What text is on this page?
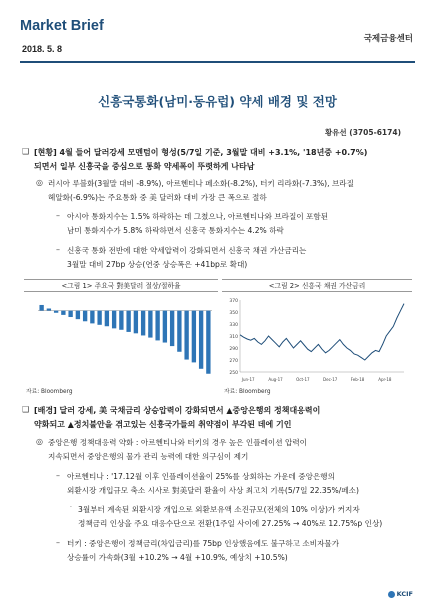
Market Brief
2018. 5. 8
국제금융센터
신흥국통화(남미·동유럽) 약세 배경 및 전망
황유선 (3705-6174)
❑ [현황] 4월 들어 달러강세 모멘텀이 형성(5/7일 기준, 3월말 대비 +3.1%, '18년중 +0.7%)
되면서 일부 신흥국을 중심으로 통화 약세폭이 뚜렷하게 나타남
◎ 러시아 루블화(3월말 대비 -8.9%), 아르헨티나 페소화(-8.2%), 터키 리라화(-7.3%), 브라질
헤알화(-6.9%)는 주요통화 중 美 달러화 대비 가장 큰 폭으로 절하
– 아시아 통화지수는 1.5% 하락하는 데 그쳤으나, 아르헨티나와 브라질이 포함된
남미 통화지수가 5.8% 하락하면서 신흥국 통화지수는 4.2% 하락
– 신흥국 통화 전반에 대한 약세압력이 강화되면서 신흥국 채권 가산금리는
3월말 대비 27bp 상승(연중 상승폭은 +41bp로 확대)
<그림 1> 주요국 對美달러 절상/절하율	<그림 2> 신흥국 채권 가산금리
370
350
330
310
290
270
250
Jun-17	Aug-17	Oct-17	Dec-17	Feb-18	Apr-18
자료: Bloomberg	자료: Bloomberg
❑ [배경] 달러 강세, 美 국채금리 상승압력이 강화되면서 ▲중앙은행의 정책대응력이
약화되고 ▲정치불안을 겪고있는 신흥국가들의 취약점이 부각된 데에 기인
◎ 중앙은행 정책대응력 약화 : 아르헨티나와 터키의 경우 높은 인플레이션 압력이
지속되면서 중앙은행의 물가 관리 능력에 대한 의구심이 제기
– 아르헨티나 : '17.12월 이후 인플레이션율이 25%를 상회하는 가운데 중앙은행의
외환시장 개입규모 축소 시사로 對美달러 환율이 사상 최고치 기록(5/7일 22.35%/페소)
· 3월부터 계속된 외환시장 개입으로 외환보유액 소진규모(전체의 10% 이상)가 커지자
정책금리 인상을 주요 대응수단으로 전환(1주일 사이에 27.25% → 40%로 12.75%p 인상)
– 터키 : 중앙은행이 정책금리(차입금리)를 75bp 인상했음에도 불구하고 소비자물가
상승률이 가속화(3월 +10.2% → 4월 +10.9%, 예상치 +10.5%)
KCIF
